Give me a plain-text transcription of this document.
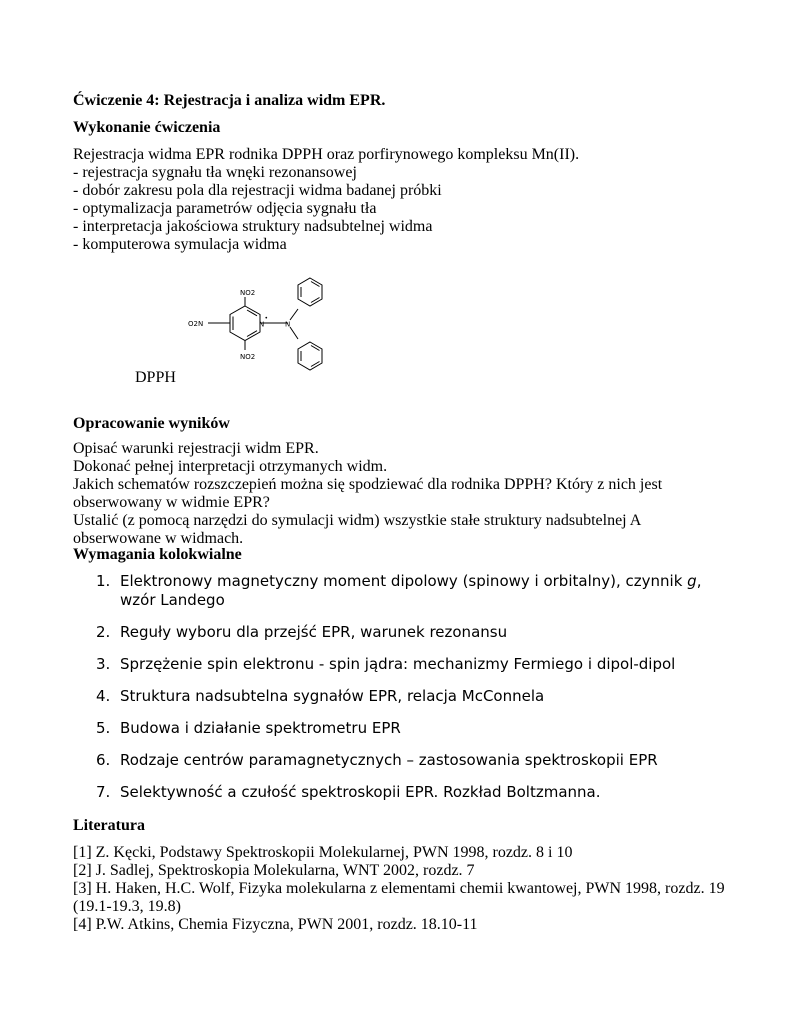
Ćwiczenie 4: Rejestracja i analiza widm EPR.
Wykonanie ćwiczenia
Rejestracja widma EPR rodnika DPPH oraz porfirynowego kompleksu Mn(II).
- rejestracja sygnału tła wnęki rezonansowej
- dobór zakresu pola dla rejestracji widma badanej próbki
- optymalizacja parametrów odjęcia sygnału tła
- interpretacja jakościowa struktury nadsubtelnej widma
- komputerowa symulacja widma
NO2
NO2
O2N	N
•
N
DPPH
Opracowanie wyników
Opisać warunki rejestracji widm EPR.
Dokonać pełnej interpretacji otrzymanych widm.
Jakich schematów rozszczepień można się spodziewać dla rodnika DPPH? Który z nich jest obserwowany w widmie EPR?
Ustalić (z pomocą narzędzi do symulacji widm) wszystkie stałe struktury nadsubtelnej A obserwowane w widmach.
Wymagania kolokwialne
1. Elektronowy magnetyczny moment dipolowy (spinowy i orbitalny), czynnik g, wzór Landego
2. Reguły wyboru dla przejść EPR, warunek rezonansu
3. Sprzężenie spin elektronu - spin jądra: mechanizmy Fermiego i dipol-dipol
4. Struktura nadsubtelna sygnałów EPR, relacja McConnela
5. Budowa i działanie spektrometru EPR
6. Rodzaje centrów paramagnetycznych – zastosowania spektroskopii EPR
7. Selektywność a czułość spektroskopii EPR. Rozkład Boltzmanna.
Literatura
[1] Z. Kęcki, Podstawy Spektroskopii Molekularnej, PWN 1998, rozdz. 8 i 10
[2] J. Sadlej, Spektroskopia Molekularna, WNT 2002, rozdz. 7
[3] H. Haken, H.C. Wolf, Fizyka molekularna z elementami chemii kwantowej, PWN 1998, rozdz. 19 (19.1-19.3, 19.8)
[4] P.W. Atkins, Chemia Fizyczna, PWN 2001, rozdz. 18.10-11
